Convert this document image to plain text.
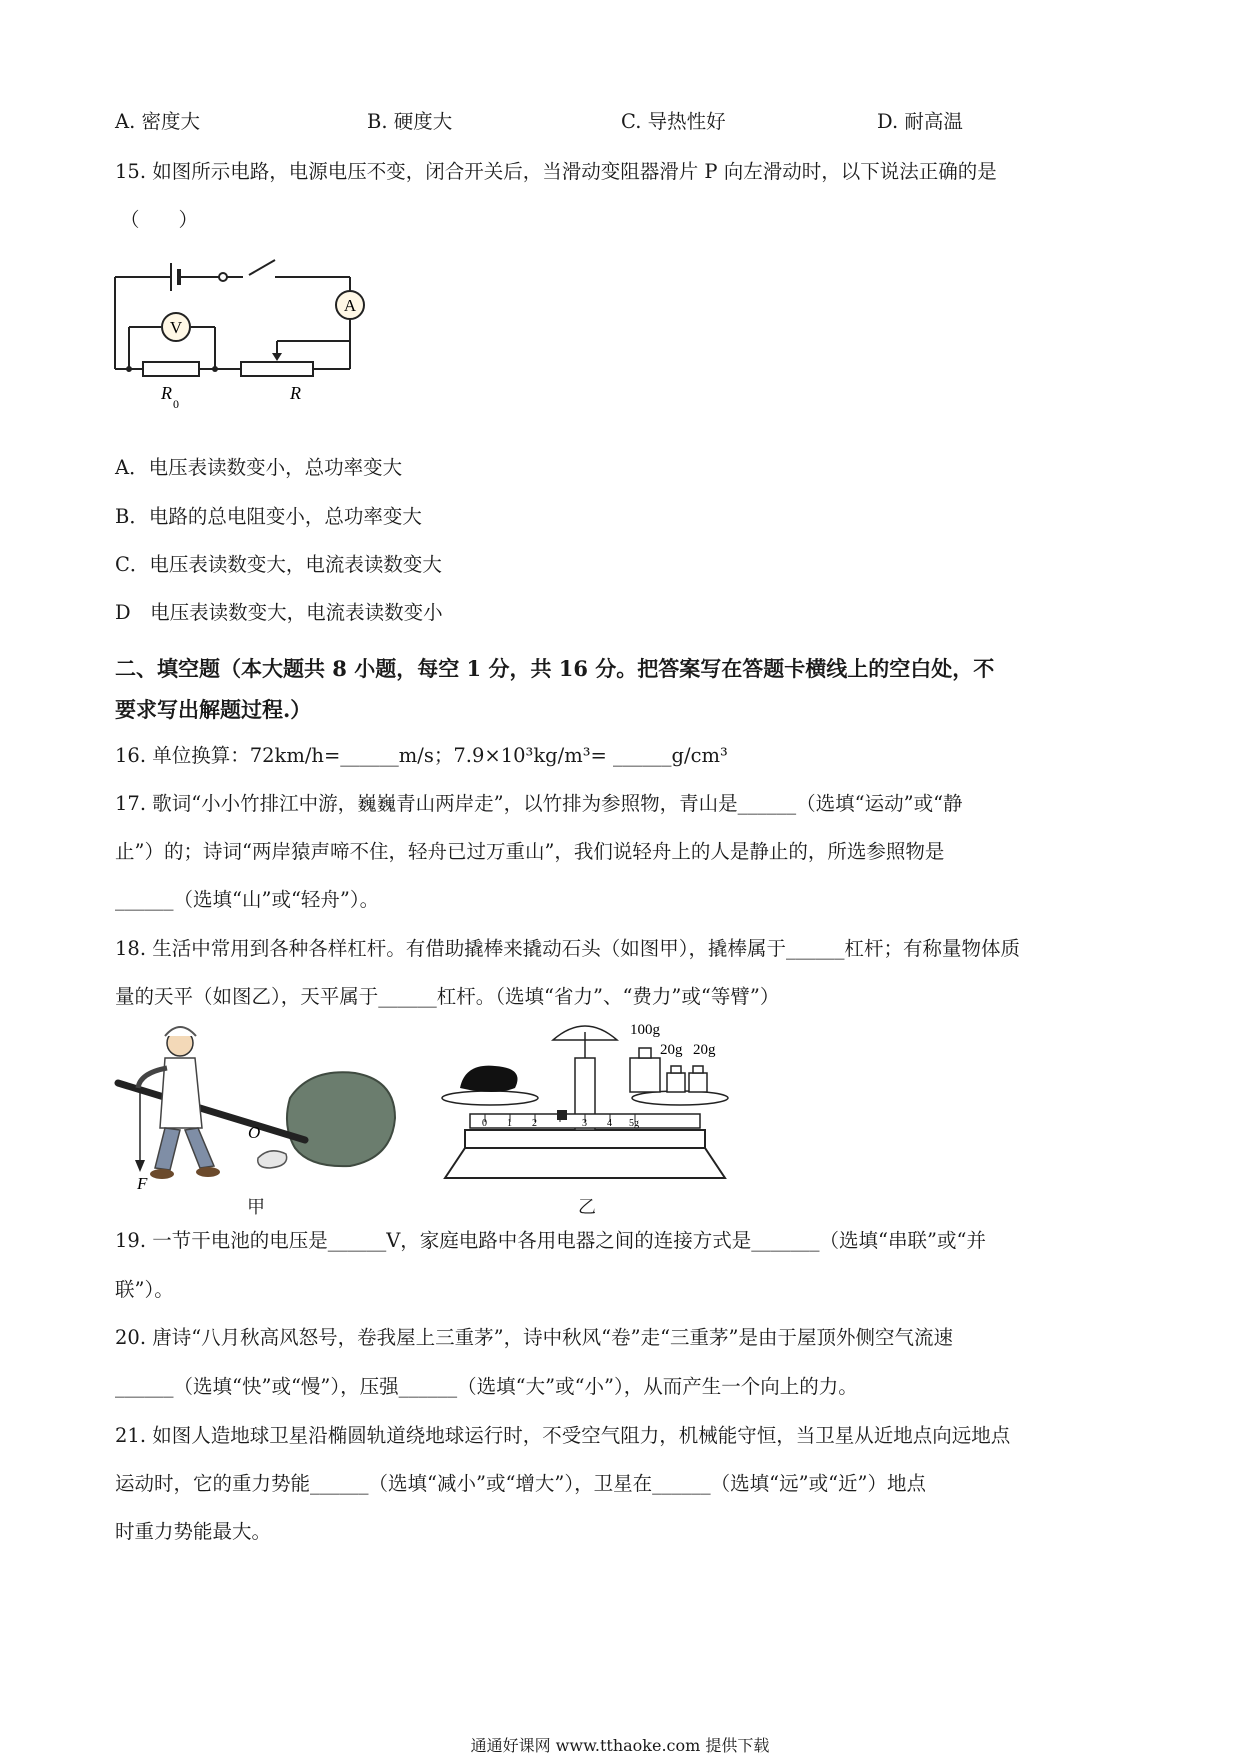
A. 密度大	B. 硬度大	C. 导热性好	D. 耐高温
15. 如图所示电路，电源电压不变，闭合开关后，当滑动变阻器滑片 P 向左滑动时，以下说法正确的是
（　　）
V
A
R
0
R
A．电压表读数变小，总功率变大
B．电路的总电阻变小，总功率变大
C．电压表读数变大，电流表读数变大
D　电压表读数变大，电流表读数变小
二、填空题（本大题共 8 小题，每空 1 分，共 16 分。把答案写在答题卡横线上的空白处，不
要求写出解题过程.）
16. 单位换算：72km/h=______m/s；7.9×10³kg/m³= ______g/cm³
17. 歌词“小小竹排江中游，巍巍青山两岸走”，以竹排为参照物，青山是______（选填“运动”或“静
止”）的；诗词“两岸猿声啼不住，轻舟已过万重山”，我们说轻舟上的人是静止的，所选参照物是
______（选填“山”或“轻舟”）。
18. 生活中常用到各种各样杠杆。有借助撬棒来撬动石头（如图甲），撬棒属于______杠杆；有称量物体质
量的天平（如图乙），天平属于______杠杆。（选填“省力”、“费力”或“等臂”）
F
O
甲
100g
20g 20g
0 1 2	3 4 5g
乙
19. 一节干电池的电压是______V，家庭电路中各用电器之间的连接方式是_______（选填“串联”或“并
联”）。
20. 唐诗“八月秋高风怒号，卷我屋上三重茅”，诗中秋风“卷”走“三重茅”是由于屋顶外侧空气流速
______（选填“快”或“慢”），压强______（选填“大”或“小”），从而产生一个向上的力。
21. 如图人造地球卫星沿椭圆轨道绕地球运行时，不受空气阻力，机械能守恒，当卫星从近地点向远地点
运动时，它的重力势能______（选填“减小”或“增大”），卫星在______（选填“远”或“近”）地点
时重力势能最大。
通通好课网 www.tthaoke.com 提供下载
